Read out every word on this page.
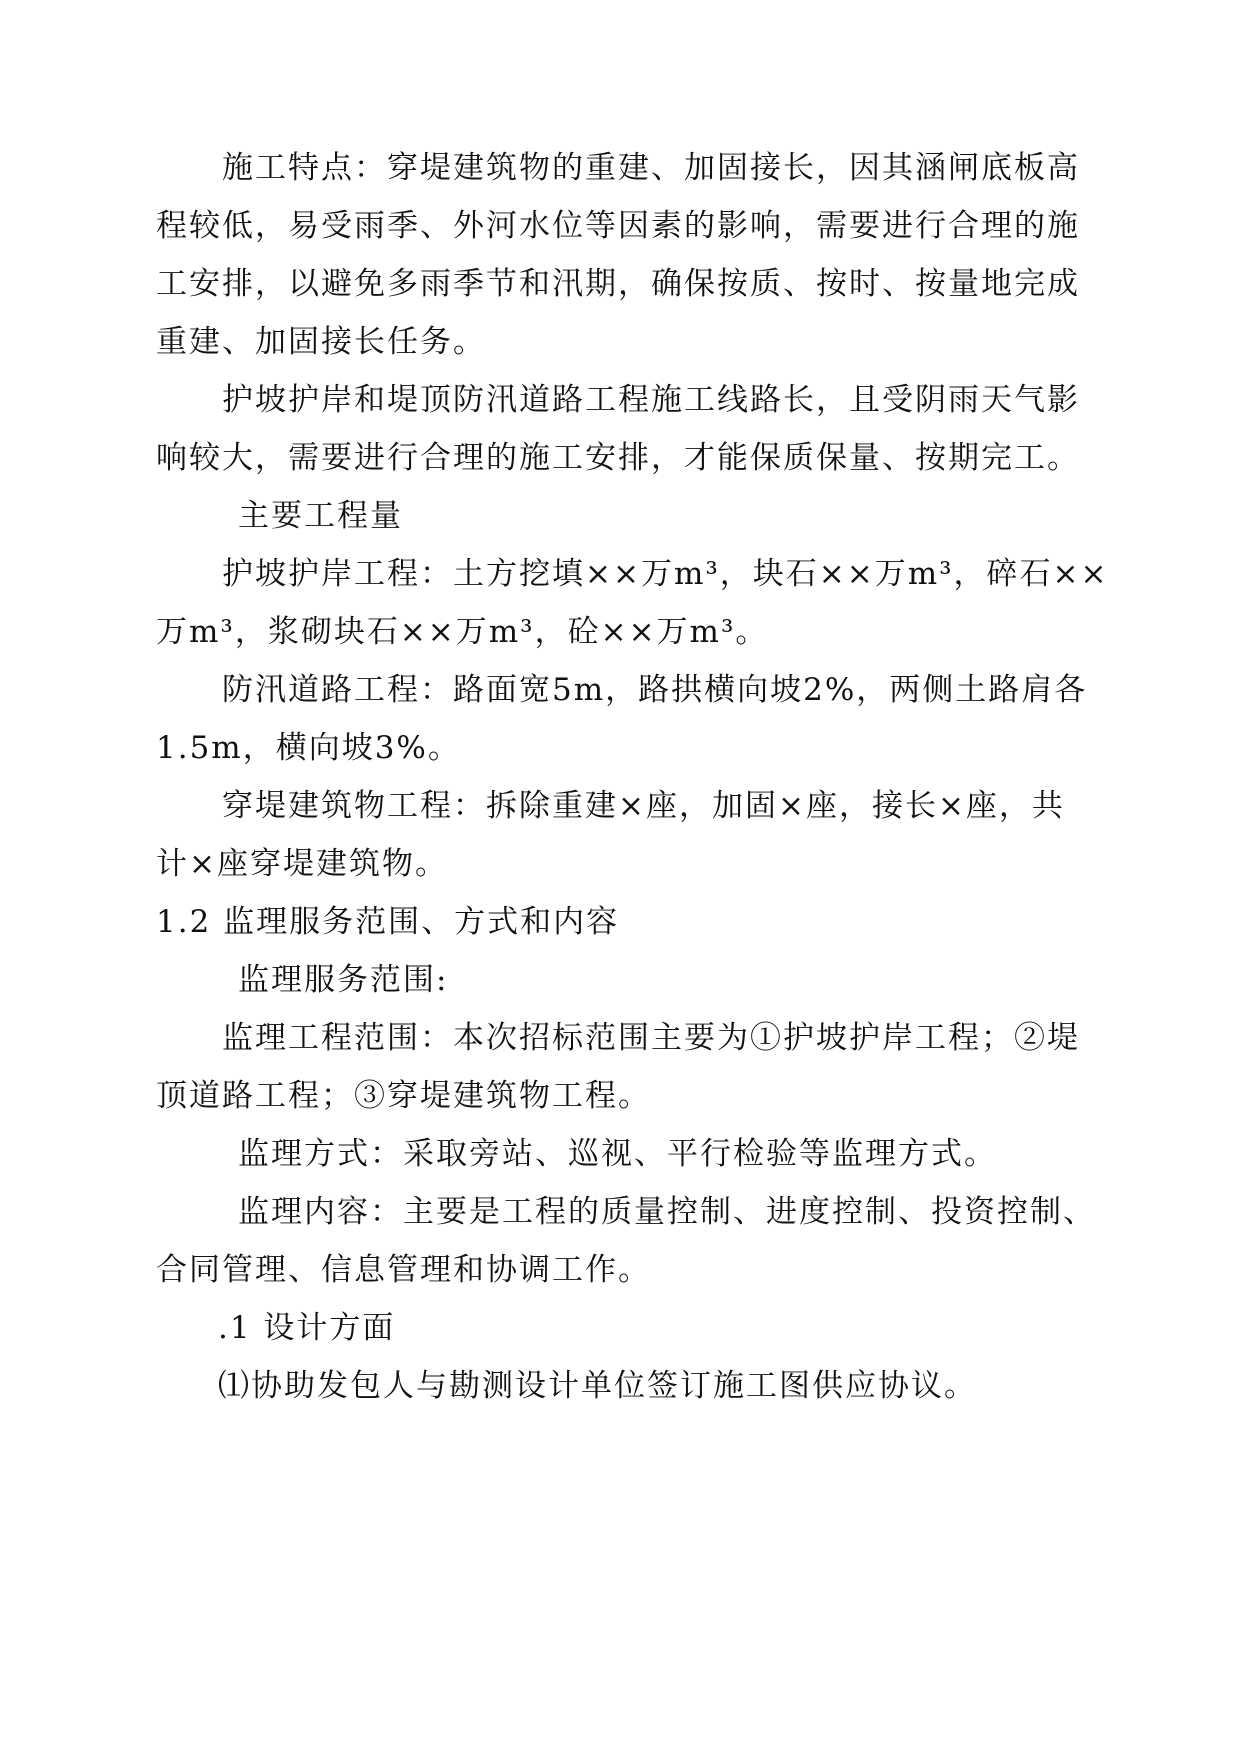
施工特点：穿堤建筑物的重建、加固接长，因其涵闸底板高
程较低，易受雨季、外河水位等因素的影响，需要进行合理的施
工安排，以避免多雨季节和汛期，确保按质、按时、按量地完成
重建、加固接长任务。
护坡护岸和堤顶防汛道路工程施工线路长，且受阴雨天气影
响较大，需要进行合理的施工安排，才能保质保量、按期完工。
主要工程量
护坡护岸工程：土方挖填××万m³，块石××万m³，碎石××
万m³，浆砌块石××万m³，砼××万m³。
防汛道路工程：路面宽5m，路拱横向坡2%，两侧土路肩各
1.5m，横向坡3%。
穿堤建筑物工程：拆除重建×座，加固×座，接长×座，共
计×座穿堤建筑物。
1.2 监理服务范围、方式和内容
监理服务范围:
监理工程范围：本次招标范围主要为①护坡护岸工程；②堤
顶道路工程；③穿堤建筑物工程。
监理方式：采取旁站、巡视、平行检验等监理方式。
监理内容：主要是工程的质量控制、进度控制、投资控制、
合同管理、信息管理和协调工作。
.1 设计方面
⑴协助发包人与勘测设计单位签订施工图供应协议。
